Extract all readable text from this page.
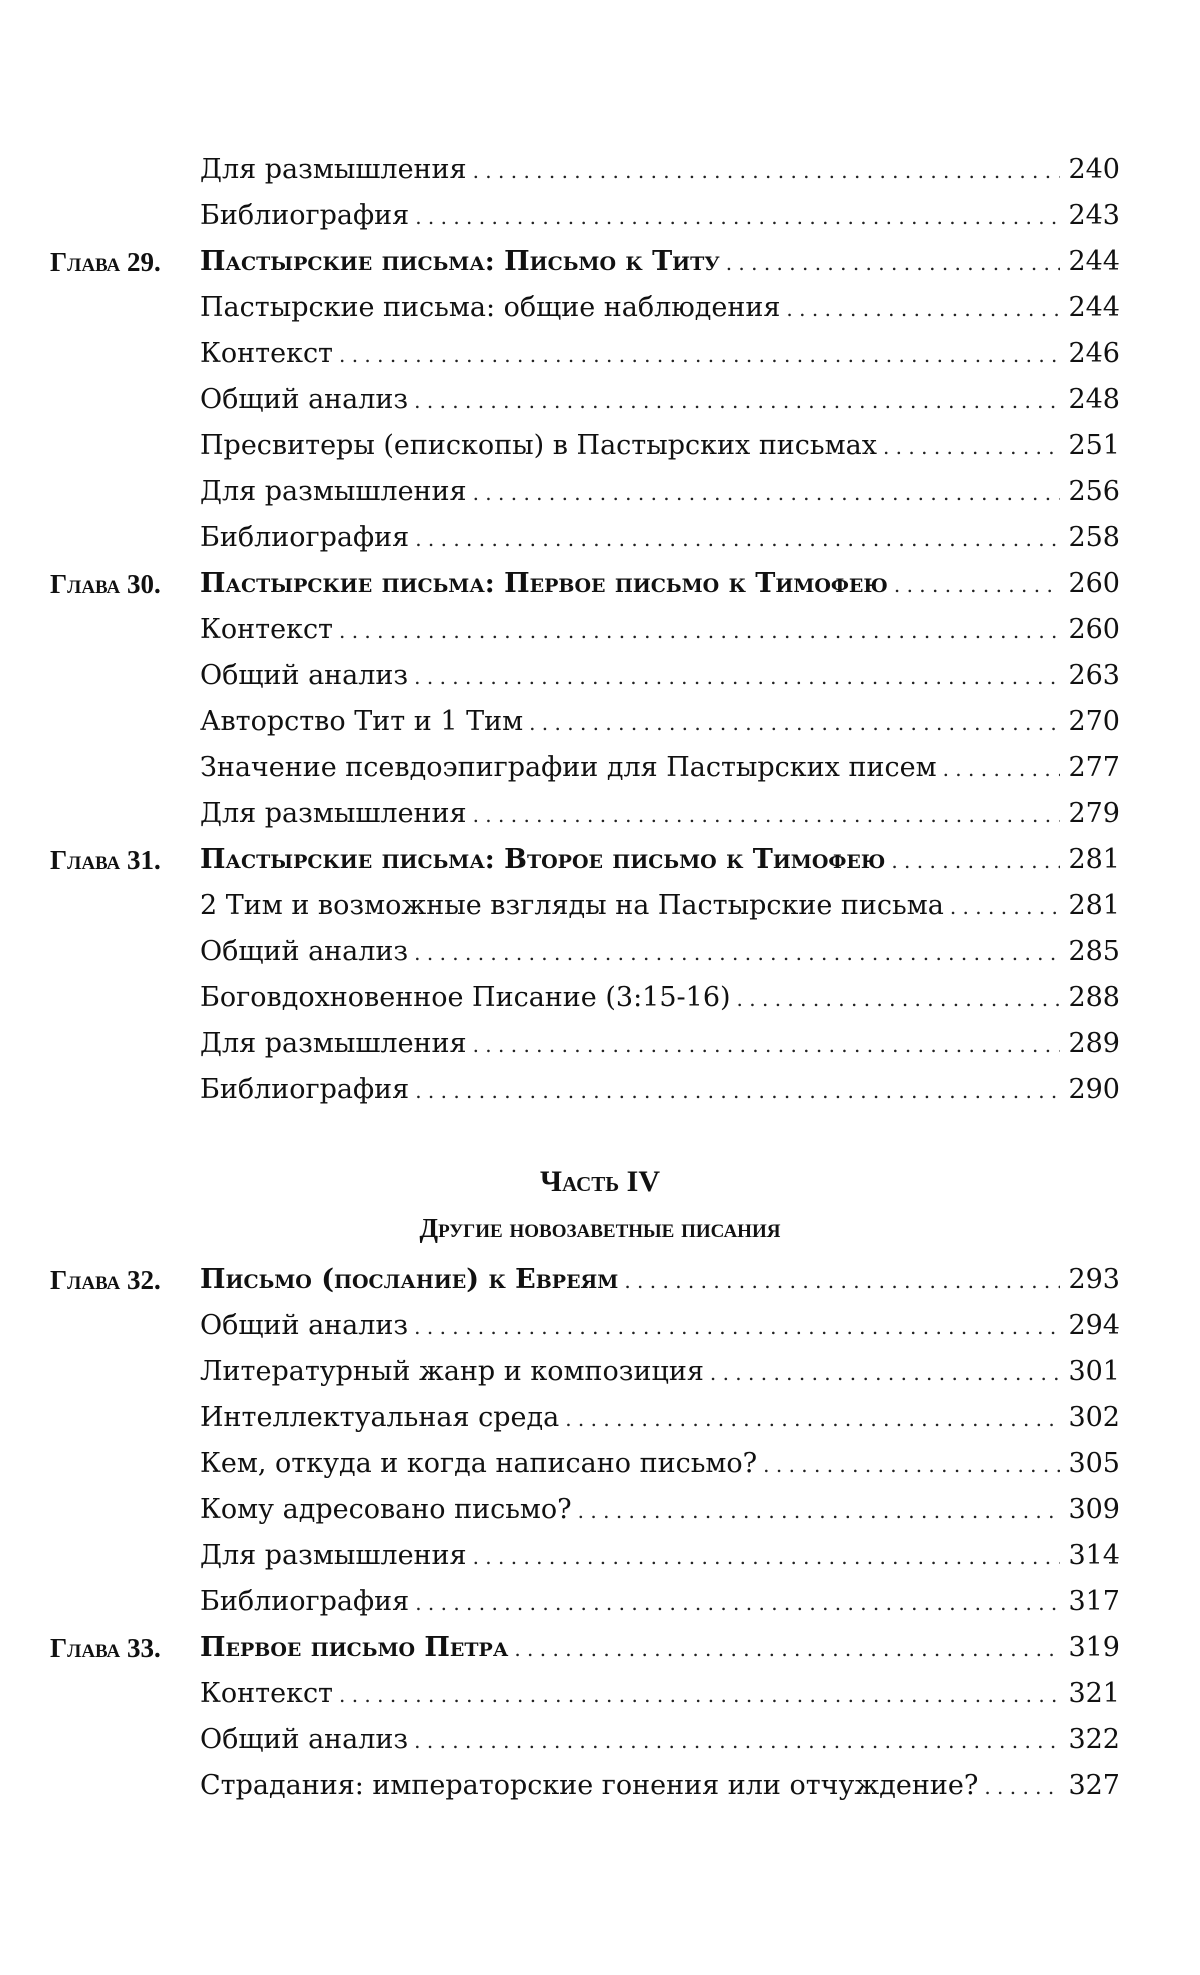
Для размышления . . .	240
Библиография . . .	243
Глава 29.	Пастырские письма: Письмо к Титу . . .	244
Пастырские письма: общие наблюдения . . .	244
Контекст . . .	246
Общий анализ . . .	248
Пресвитеры (епископы) в Пастырских письмах . . .	251
Для размышления . . .	256
Библиография . . .	258
Глава 30.	Пастырские письма: Первое письмо к Тимофею . . .	260
Контекст . . .	260
Общий анализ . . .	263
Авторство Тит и 1 Тим . . .	270
Значение псевдоэпиграфии для Пастырских писем . . .	277
Для размышления . . .	279
Глава 31.	Пастырские письма: Второе письмо к Тимофею . . .	281
2 Тим и возможные взгляды на Пастырские письма . . .	281
Общий анализ . . .	285
Боговдохновенное Писание (3:15-16) . . .	288
Для размышления . . .	289
Библиография . . .	290
Часть IV
Другие новозаветные писания
Глава 32.	Письмо (послание) к Евреям . . .	293
Общий анализ . . .	294
Литературный жанр и композиция . . .	301
Интеллектуальная среда . . .	302
Кем, откуда и когда написано письмо? . . .	305
Кому адресовано письмо? . . .	309
Для размышления . . .	314
Библиография . . .	317
Глава 33.	Первое письмо Петра . . .	319
Контекст . . .	321
Общий анализ . . .	322
Страдания: императорские гонения или отчуждение? . . .	327
